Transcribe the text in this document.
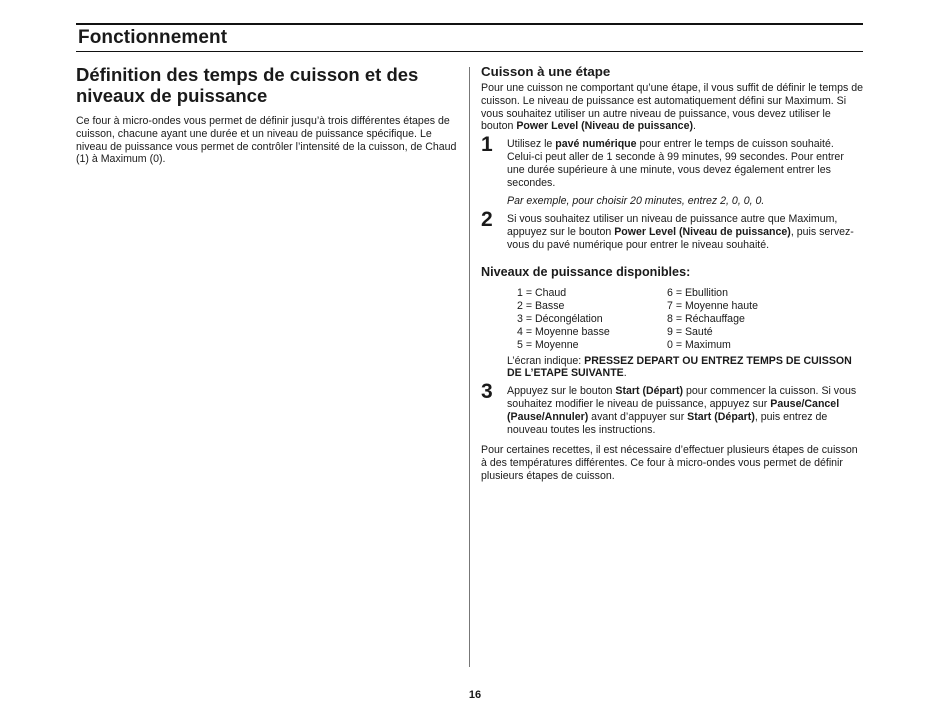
Fonctionnement
Définition des temps de cuisson et des niveaux de puissance

Ce four à micro-ondes vous permet de définir jusqu’à trois différentes étapes de cuisson, chacune ayant une durée et un niveau de puissance spécifique. Le niveau de puissance vous permet de contrôler l’intensité de la cuisson, de Chaud (1) à Maximum (0).

Cuisson à une étape

Pour une cuisson ne comportant qu’une étape, il vous suffit de définir le temps de cuisson. Le niveau de puissance est automatiquement défini sur Maximum. Si vous souhaitez utiliser un autre niveau de puissance, vous devez utiliser le bouton Power Level (Niveau de puissance).

1 Utilisez le pavé numérique pour entrer le temps de cuisson souhaité. Celui-ci peut aller de 1 seconde à 99 minutes, 99 secondes. Pour entrer une durée supérieure à une minute, vous devez également entrer les secondes.

Par exemple, pour choisir 20 minutes, entrez 2, 0, 0, 0.

2 Si vous souhaitez utiliser un niveau de puissance autre que Maximum, appuyez sur le bouton Power Level (Niveau de puissance), puis servez-vous du pavé numérique pour entrer le niveau souhaité.

Niveaux de puissance disponibles:
1 = Chaud
2 = Basse
3 = Décongélation
4 = Moyenne basse
5 = Moyenne
6 = Ebullition
7 = Moyenne haute
8 = Réchauffage
9 = Sauté
0 = Maximum

L’écran indique: PRESSEZ DEPART OU ENTREZ TEMPS DE CUISSON DE L’ETAPE SUIVANTE.

3 Appuyez sur le bouton Start (Départ) pour commencer la cuisson. Si vous souhaitez modifier le niveau de puissance, appuyez sur Pause/Cancel (Pause/Annuler) avant d’appuyer sur Start (Départ), puis entrez de nouveau toutes les instructions.

Pour certaines recettes, il est nécessaire d’effectuer plusieurs étapes de cuisson à des températures différentes. Ce four à micro-ondes vous permet de définir plusieurs étapes de cuisson.

16
